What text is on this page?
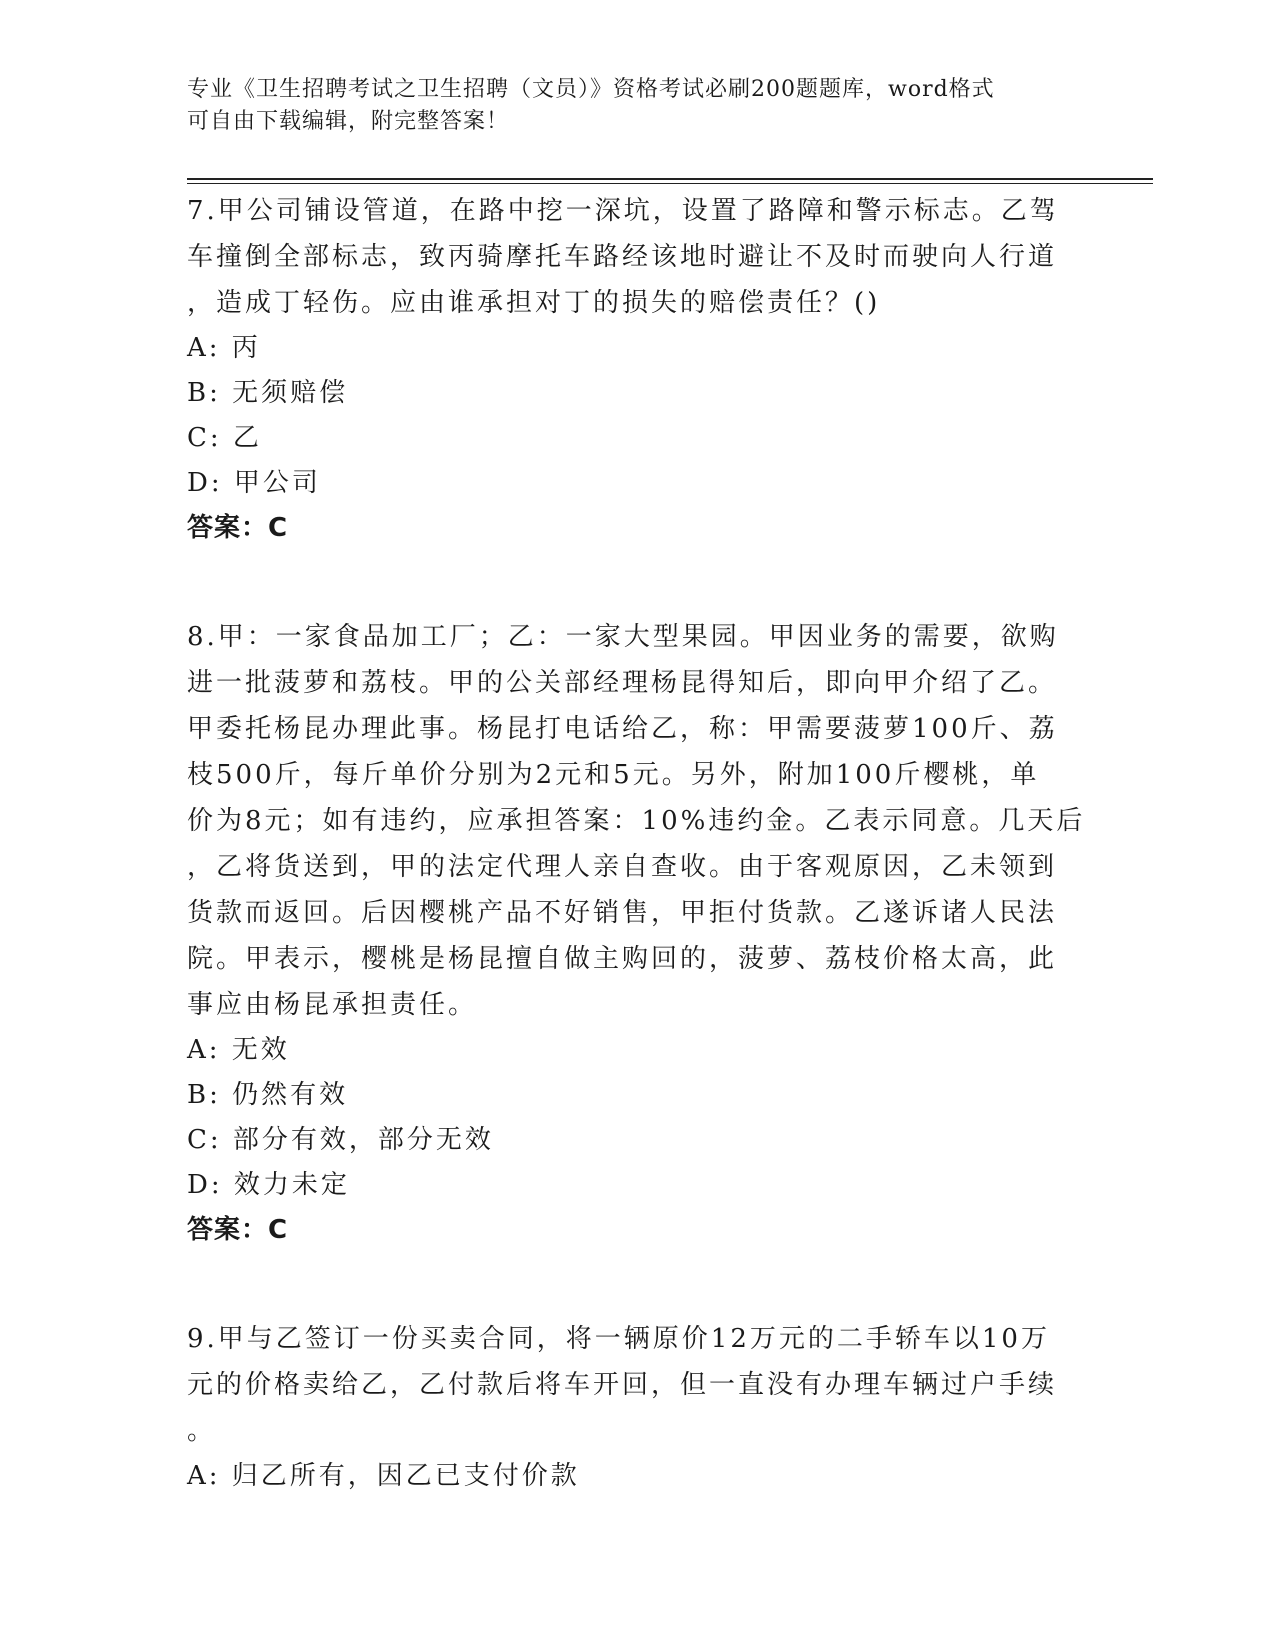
专业《卫生招聘考试之卫生招聘（文员）》资格考试必刷200题题库，word格式
可自由下载编辑，附完整答案！
7.甲公司铺设管道，在路中挖一深坑，设置了路障和警示标志。乙驾
车撞倒全部标志，致丙骑摩托车路经该地时避让不及时而驶向人行道
，造成丁轻伤。应由谁承担对丁的损失的赔偿责任？()
A: 丙
B: 无须赔偿
C: 乙
D: 甲公司
答案：C
8.甲：一家食品加工厂；乙：一家大型果园。甲因业务的需要，欲购
进一批菠萝和荔枝。甲的公关部经理杨昆得知后，即向甲介绍了乙。
甲委托杨昆办理此事。杨昆打电话给乙，称：甲需要菠萝100斤、荔
枝500斤，每斤单价分别为2元和5元。另外，附加100斤樱桃，单
价为8元；如有违约，应承担答案：10%违约金。乙表示同意。几天后
，乙将货送到，甲的法定代理人亲自查收。由于客观原因，乙未领到
货款而返回。后因樱桃产品不好销售，甲拒付货款。乙遂诉诸人民法
院。甲表示，樱桃是杨昆擅自做主购回的，菠萝、荔枝价格太高，此
事应由杨昆承担责任。
A: 无效
B: 仍然有效
C: 部分有效，部分无效
D: 效力未定
答案：C
9.甲与乙签订一份买卖合同，将一辆原价12万元的二手轿车以10万
元的价格卖给乙，乙付款后将车开回，但一直没有办理车辆过户手续
。
A: 归乙所有，因乙已支付价款
